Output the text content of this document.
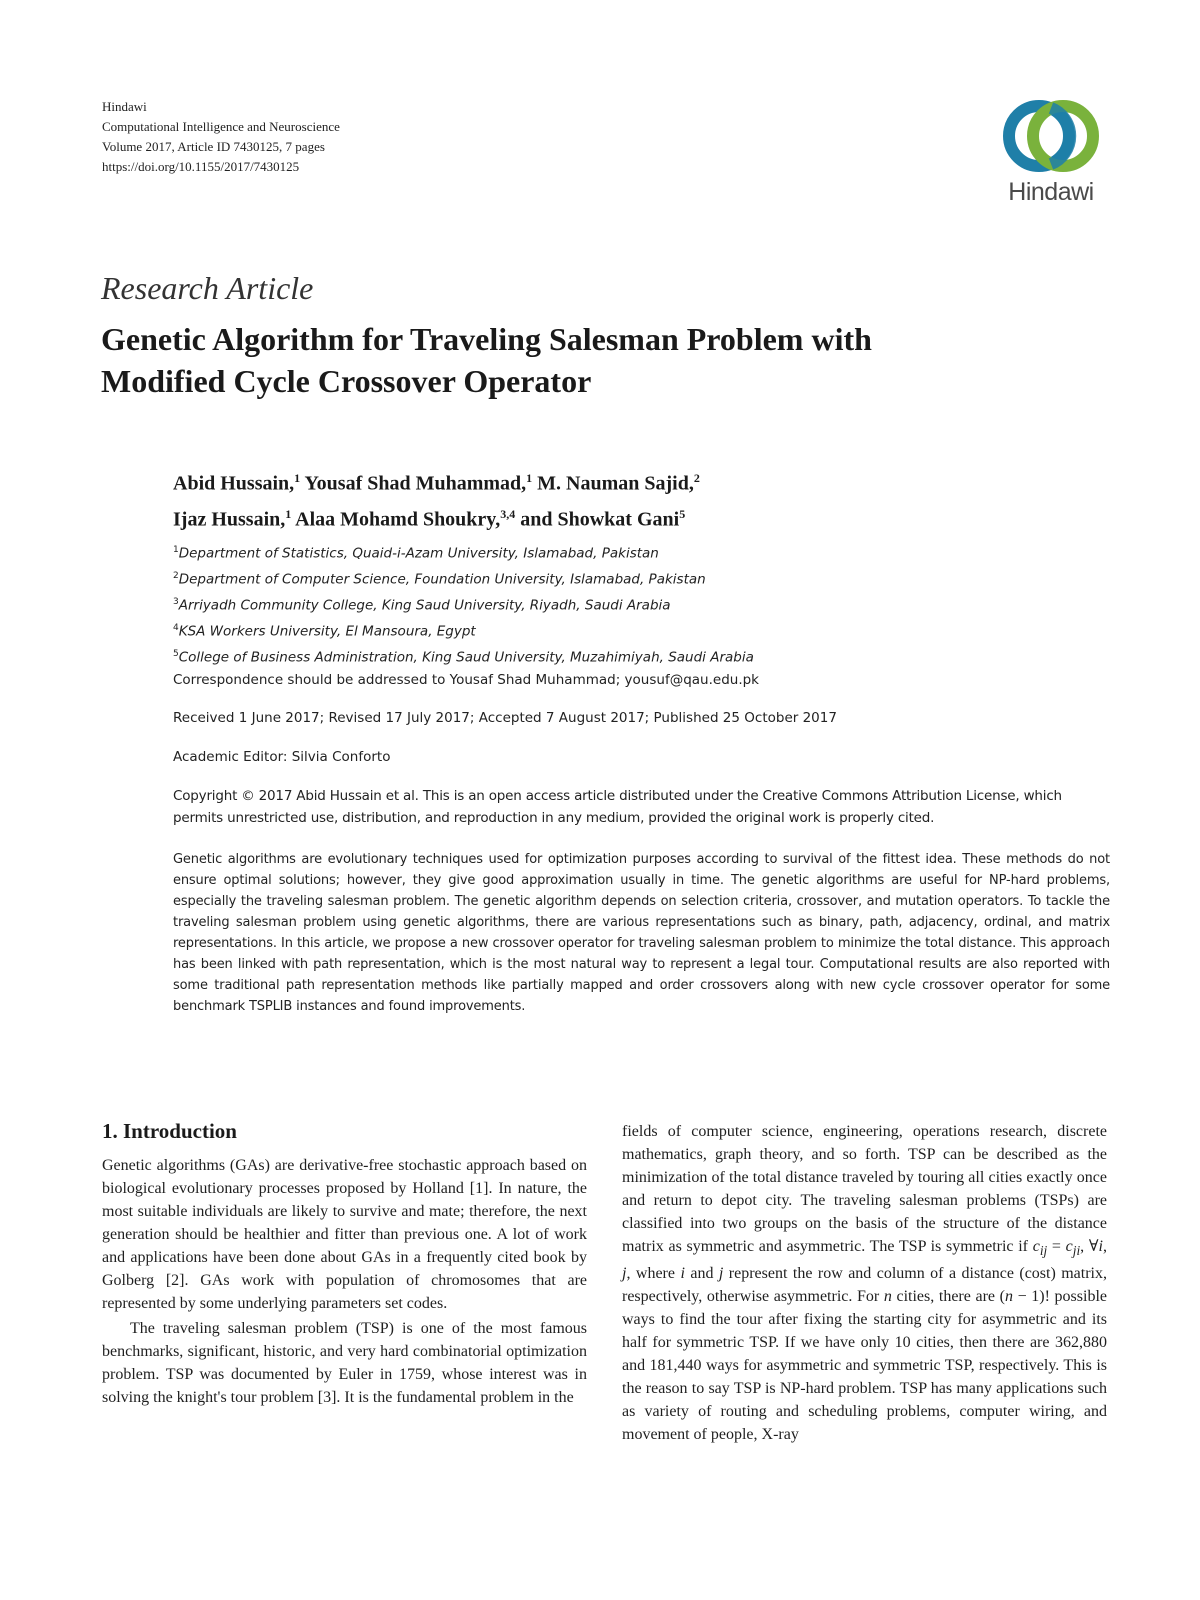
Hindawi
Computational Intelligence and Neuroscience
Volume 2017, Article ID 7430125, 7 pages
https://doi.org/10.1155/2017/7430125
Hindawi
Research Article
Genetic Algorithm for Traveling Salesman Problem with
Modified Cycle Crossover Operator
Abid Hussain,$^1$ Yousaf Shad Muhammad,$^1$ M. Nauman Sajid,$^2$
Ijaz Hussain,$^1$ Alaa Mohamd Shoukry,$^{3,4}$ and Showkat Gani$^5$
$^1$Department of Statistics, Quaid-i-Azam University, Islamabad, Pakistan
$^2$Department of Computer Science, Foundation University, Islamabad, Pakistan
$^3$Arriyadh Community College, King Saud University, Riyadh, Saudi Arabia
$^4$KSA Workers University, El Mansoura, Egypt
$^5$College of Business Administration, King Saud University, Muzahimiyah, Saudi Arabia
Correspondence should be addressed to Yousaf Shad Muhammad; yousuf@qau.edu.pk
Received 1 June 2017; Revised 17 July 2017; Accepted 7 August 2017; Published 25 October 2017
Academic Editor: Silvia Conforto
Copyright © 2017 Abid Hussain et al. This is an open access article distributed under the Creative Commons Attribution License, which permits unrestricted use, distribution, and reproduction in any medium, provided the original work is properly cited.
Genetic algorithms are evolutionary techniques used for optimization purposes according to survival of the fittest idea. These methods do not ensure optimal solutions; however, they give good approximation usually in time. The genetic algorithms are useful for NP-hard problems, especially the traveling salesman problem. The genetic algorithm depends on selection criteria, crossover, and mutation operators. To tackle the traveling salesman problem using genetic algorithms, there are various representations such as binary, path, adjacency, ordinal, and matrix representations. In this article, we propose a new crossover operator for traveling salesman problem to minimize the total distance. This approach has been linked with path representation, which is the most natural way to represent a legal tour. Computational results are also reported with some traditional path representation methods like partially mapped and order crossovers along with new cycle crossover operator for some benchmark TSPLIB instances and found improvements.
1. Introduction

Genetic algorithms (GAs) are derivative-free stochastic approach based on biological evolutionary processes proposed by Holland [1]. In nature, the most suitable individuals are likely to survive and mate; therefore, the next generation should be healthier and fitter than previous one. A lot of work and applications have been done about GAs in a frequently cited book by Golberg [2]. GAs work with population of chromosomes that are represented by some underlying parameters set codes.

The traveling salesman problem (TSP) is one of the most famous benchmarks, significant, historic, and very hard combinatorial optimization problem. TSP was documented by Euler in 1759, whose interest was in solving the knight's tour problem [3]. It is the fundamental problem in the

fields of computer science, engineering, operations research, discrete mathematics, graph theory, and so forth. TSP can be described as the minimization of the total distance traveled by touring all cities exactly once and return to depot city. The traveling salesman problems (TSPs) are classified into two groups on the basis of the structure of the distance matrix as symmetric and asymmetric. The TSP is symmetric if $c_{ij} = c_{ji}$, ∀i, j, where i and j represent the row and column of a distance (cost) matrix, respectively, otherwise asymmetric. For n cities, there are (n − 1)! possible ways to find the tour after fixing the starting city for asymmetric and its half for symmetric TSP. If we have only 10 cities, then there are 362,880 and 181,440 ways for asymmetric and symmetric TSP, respectively. This is the reason to say TSP is NP-hard problem. TSP has many applications such as variety of routing and scheduling problems, computer wiring, and movement of people, X-ray
